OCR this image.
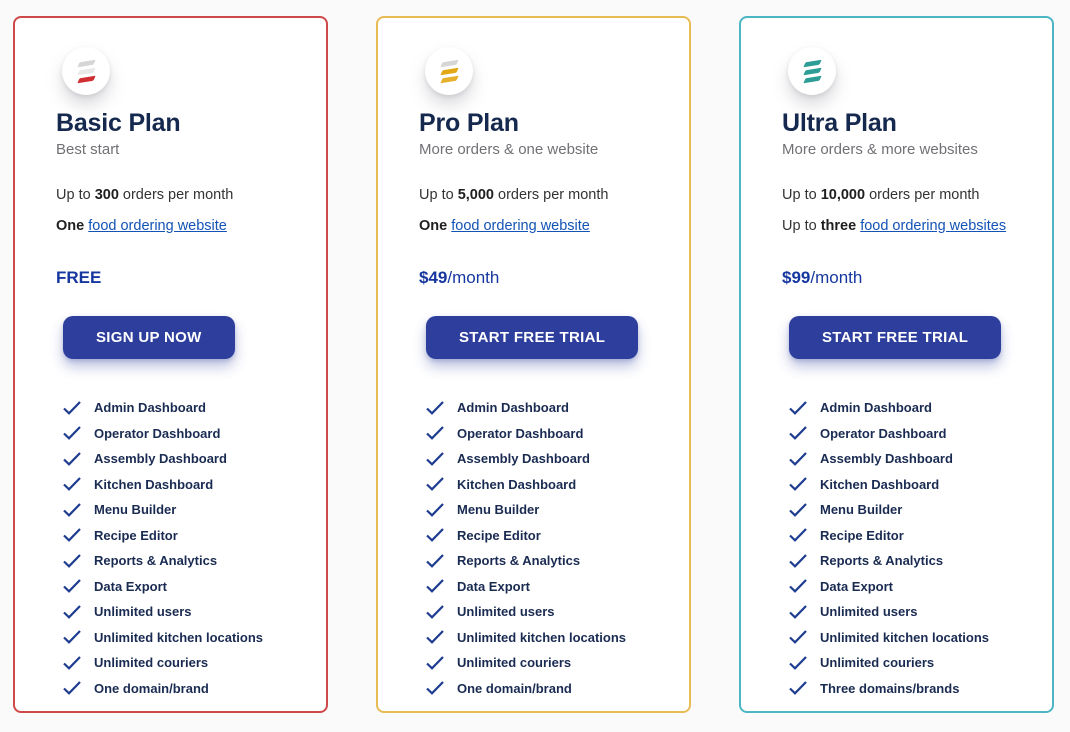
Basic Plan
Best start

Up to 300 orders per month

One food ordering website

FREE

SIGN UP NOW
Admin Dashboard
Operator Dashboard
Assembly Dashboard
Kitchen Dashboard
Menu Builder
Recipe Editor
Reports & Analytics
Data Export
Unlimited users
Unlimited kitchen locations
Unlimited couriers
One domain/brand
Pro Plan
More orders & one website

Up to 5,000 orders per month

One food ordering website

$49/month

START FREE TRIAL
Admin Dashboard
Operator Dashboard
Assembly Dashboard
Kitchen Dashboard
Menu Builder
Recipe Editor
Reports & Analytics
Data Export
Unlimited users
Unlimited kitchen locations
Unlimited couriers
One domain/brand
Ultra Plan
More orders & more websites

Up to 10,000 orders per month

Up to three food ordering websites

$99/month

START FREE TRIAL
Admin Dashboard
Operator Dashboard
Assembly Dashboard
Kitchen Dashboard
Menu Builder
Recipe Editor
Reports & Analytics
Data Export
Unlimited users
Unlimited kitchen locations
Unlimited couriers
Three domains/brands
